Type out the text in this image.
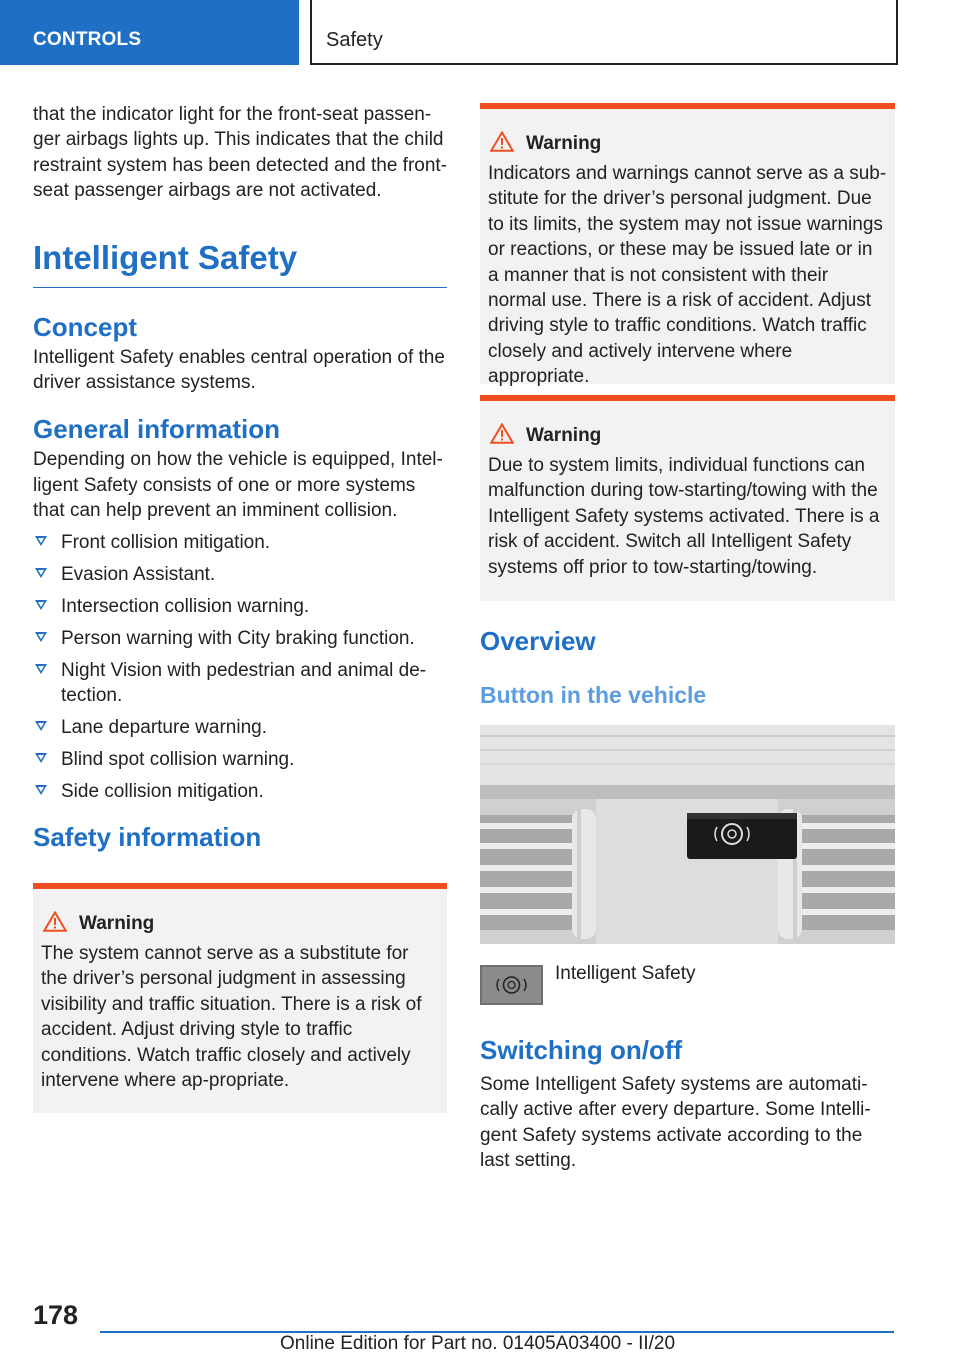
CONTROLS	Safety

that the indicator light for the front-seat passen-ger airbags lights up. This indicates that the child restraint system has been detected and the front-seat passenger airbags are not activated.

Intelligent Safety
Concept

Intelligent Safety enables central operation of the driver assistance systems.

General information

Depending on how the vehicle is equipped, Intel-ligent Safety consists of one or more systems that can help prevent an imminent collision.

Front collision mitigation.
Evasion Assistant.
Intersection collision warning.
Person warning with City braking function.
Night Vision with pedestrian and animal de-tection.
Lane departure warning.
Blind spot collision warning.
Side collision mitigation.
Safety information
Warning

The system cannot serve as a substitute for the driver’s personal judgment in assessing visibility and traffic situation. There is a risk of accident. Adjust driving style to traffic conditions. Watch traffic closely and actively intervene where ap-propriate.

Warning

Indicators and warnings cannot serve as a sub-stitute for the driver’s personal judgment. Due to its limits, the system may not issue warnings or reactions, or these may be issued late or in a manner that is not consistent with their normal use. There is a risk of accident. Adjust driving style to traffic conditions. Watch traffic closely and actively intervene where appropriate.

Warning

Due to system limits, individual functions can malfunction during tow-starting/towing with the Intelligent Safety systems activated. There is a risk of accident. Switch all Intelligent Safety systems off prior to tow-starting/towing.

Overview
Button in the vehicle
Intelligent Safety
Switching on/off

Some Intelligent Safety systems are automati-cally active after every departure. Some Intelli-gent Safety systems activate according to the last setting.

178
Online Edition for Part no. 01405A03400 - II/20
